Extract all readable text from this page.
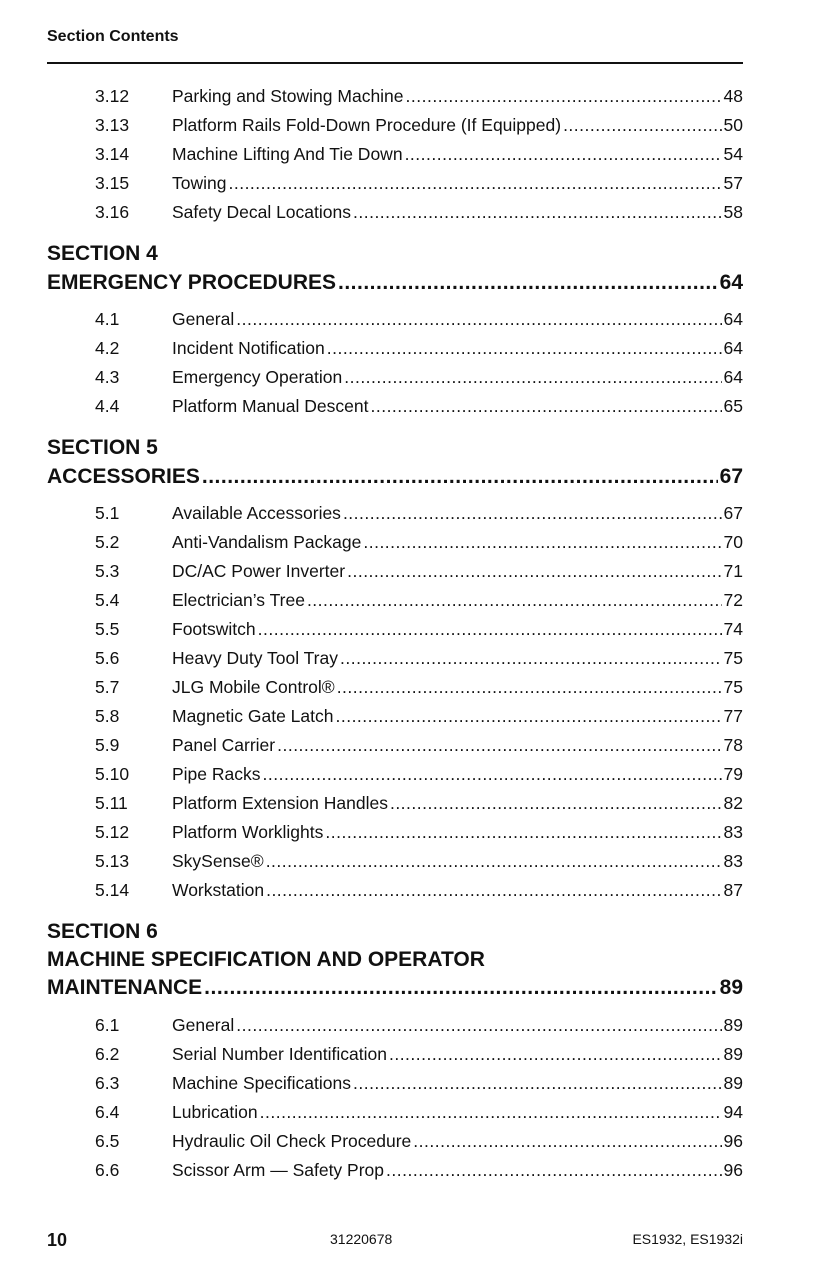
Section Contents
3.12	Parking and Stowing Machine .....	48
3.13	Platform Rails Fold-Down Procedure (If Equipped) .....	50
3.14	Machine Lifting And Tie Down .....	54
3.15	Towing .....	57
3.16	Safety Decal Locations .....	58
SECTION 4
EMERGENCY PROCEDURES .....	64
4.1	General .....	64
4.2	Incident Notification .....	64
4.3	Emergency Operation .....	64
4.4	Platform Manual Descent .....	65
SECTION 5
ACCESSORIES .....	67
5.1	Available Accessories .....	67
5.2	Anti-Vandalism Package .....	70
5.3	DC/AC Power Inverter .....	71
5.4	Electrician’s Tree .....	72
5.5	Footswitch .....	74
5.6	Heavy Duty Tool Tray .....	75
5.7	JLG Mobile Control® .....	75
5.8	Magnetic Gate Latch .....	77
5.9	Panel Carrier .....	78
5.10	Pipe Racks .....	79
5.11	Platform Extension Handles .....	82
5.12	Platform Worklights .....	83
5.13	SkySense® .....	83
5.14	Workstation .....	87
SECTION 6
MACHINE SPECIFICATION AND OPERATOR
MAINTENANCE .....	89
6.1	General .....	89
6.2	Serial Number Identification .....	89
6.3	Machine Specifications .....	89
6.4	Lubrication .....	94
6.5	Hydraulic Oil Check Procedure .....	96
6.6	Scissor Arm — Safety Prop .....	96
10	31220678	ES1932, ES1932i
